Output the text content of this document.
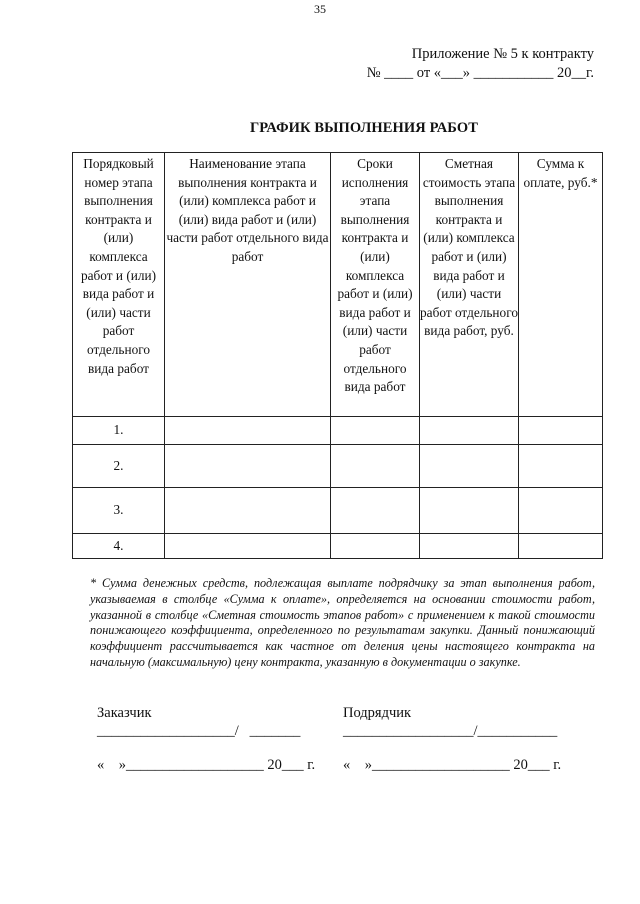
35
Приложение № 5 к контракту
№ ____ от «___» ___________ 20__г.
ГРАФИК ВЫПОЛНЕНИЯ РАБОТ
Порядковый номер этапа выполнения контракта и (или) комплекса работ и (или) вида работ и (или) части работ отдельного вида работ	Наименование этапа выполнения контракта и (или) комплекса работ и (или) вида работ и (или) части работ отдельного вида работ	Сроки исполнения этапа выполнения контракта и (или) комплекса работ и (или) вида работ и (или) части работ отдельного вида работ	Сметная стоимость этапа выполнения контракта и (или) комплекса работ и (или) вида работ и (или) части работ отдельного вида работ, руб.	Сумма к оплате, руб.*
1.				
2.				
3.				
4.				
* Сумма денежных средств, подлежащая выплате подрядчику за этап выполнения работ, указываемая в столбце «Сумма к оплате», определяется на основании стоимости работ, указанной в столбце «Сметная стоимость этапов работ» с применением к такой стоимости понижающего коэффициента, определенного по результатам закупки. Данный понижающий коэффициент рассчитывается как частное от деления цены настоящего контракта на начальную (максимальную) цену контракта, указанную в документации о закупке.
Заказчик
___________________/   _______
«    »___________________ 20___ г.
Подрядчик
__________________/___________
«    »___________________ 20___ г.
